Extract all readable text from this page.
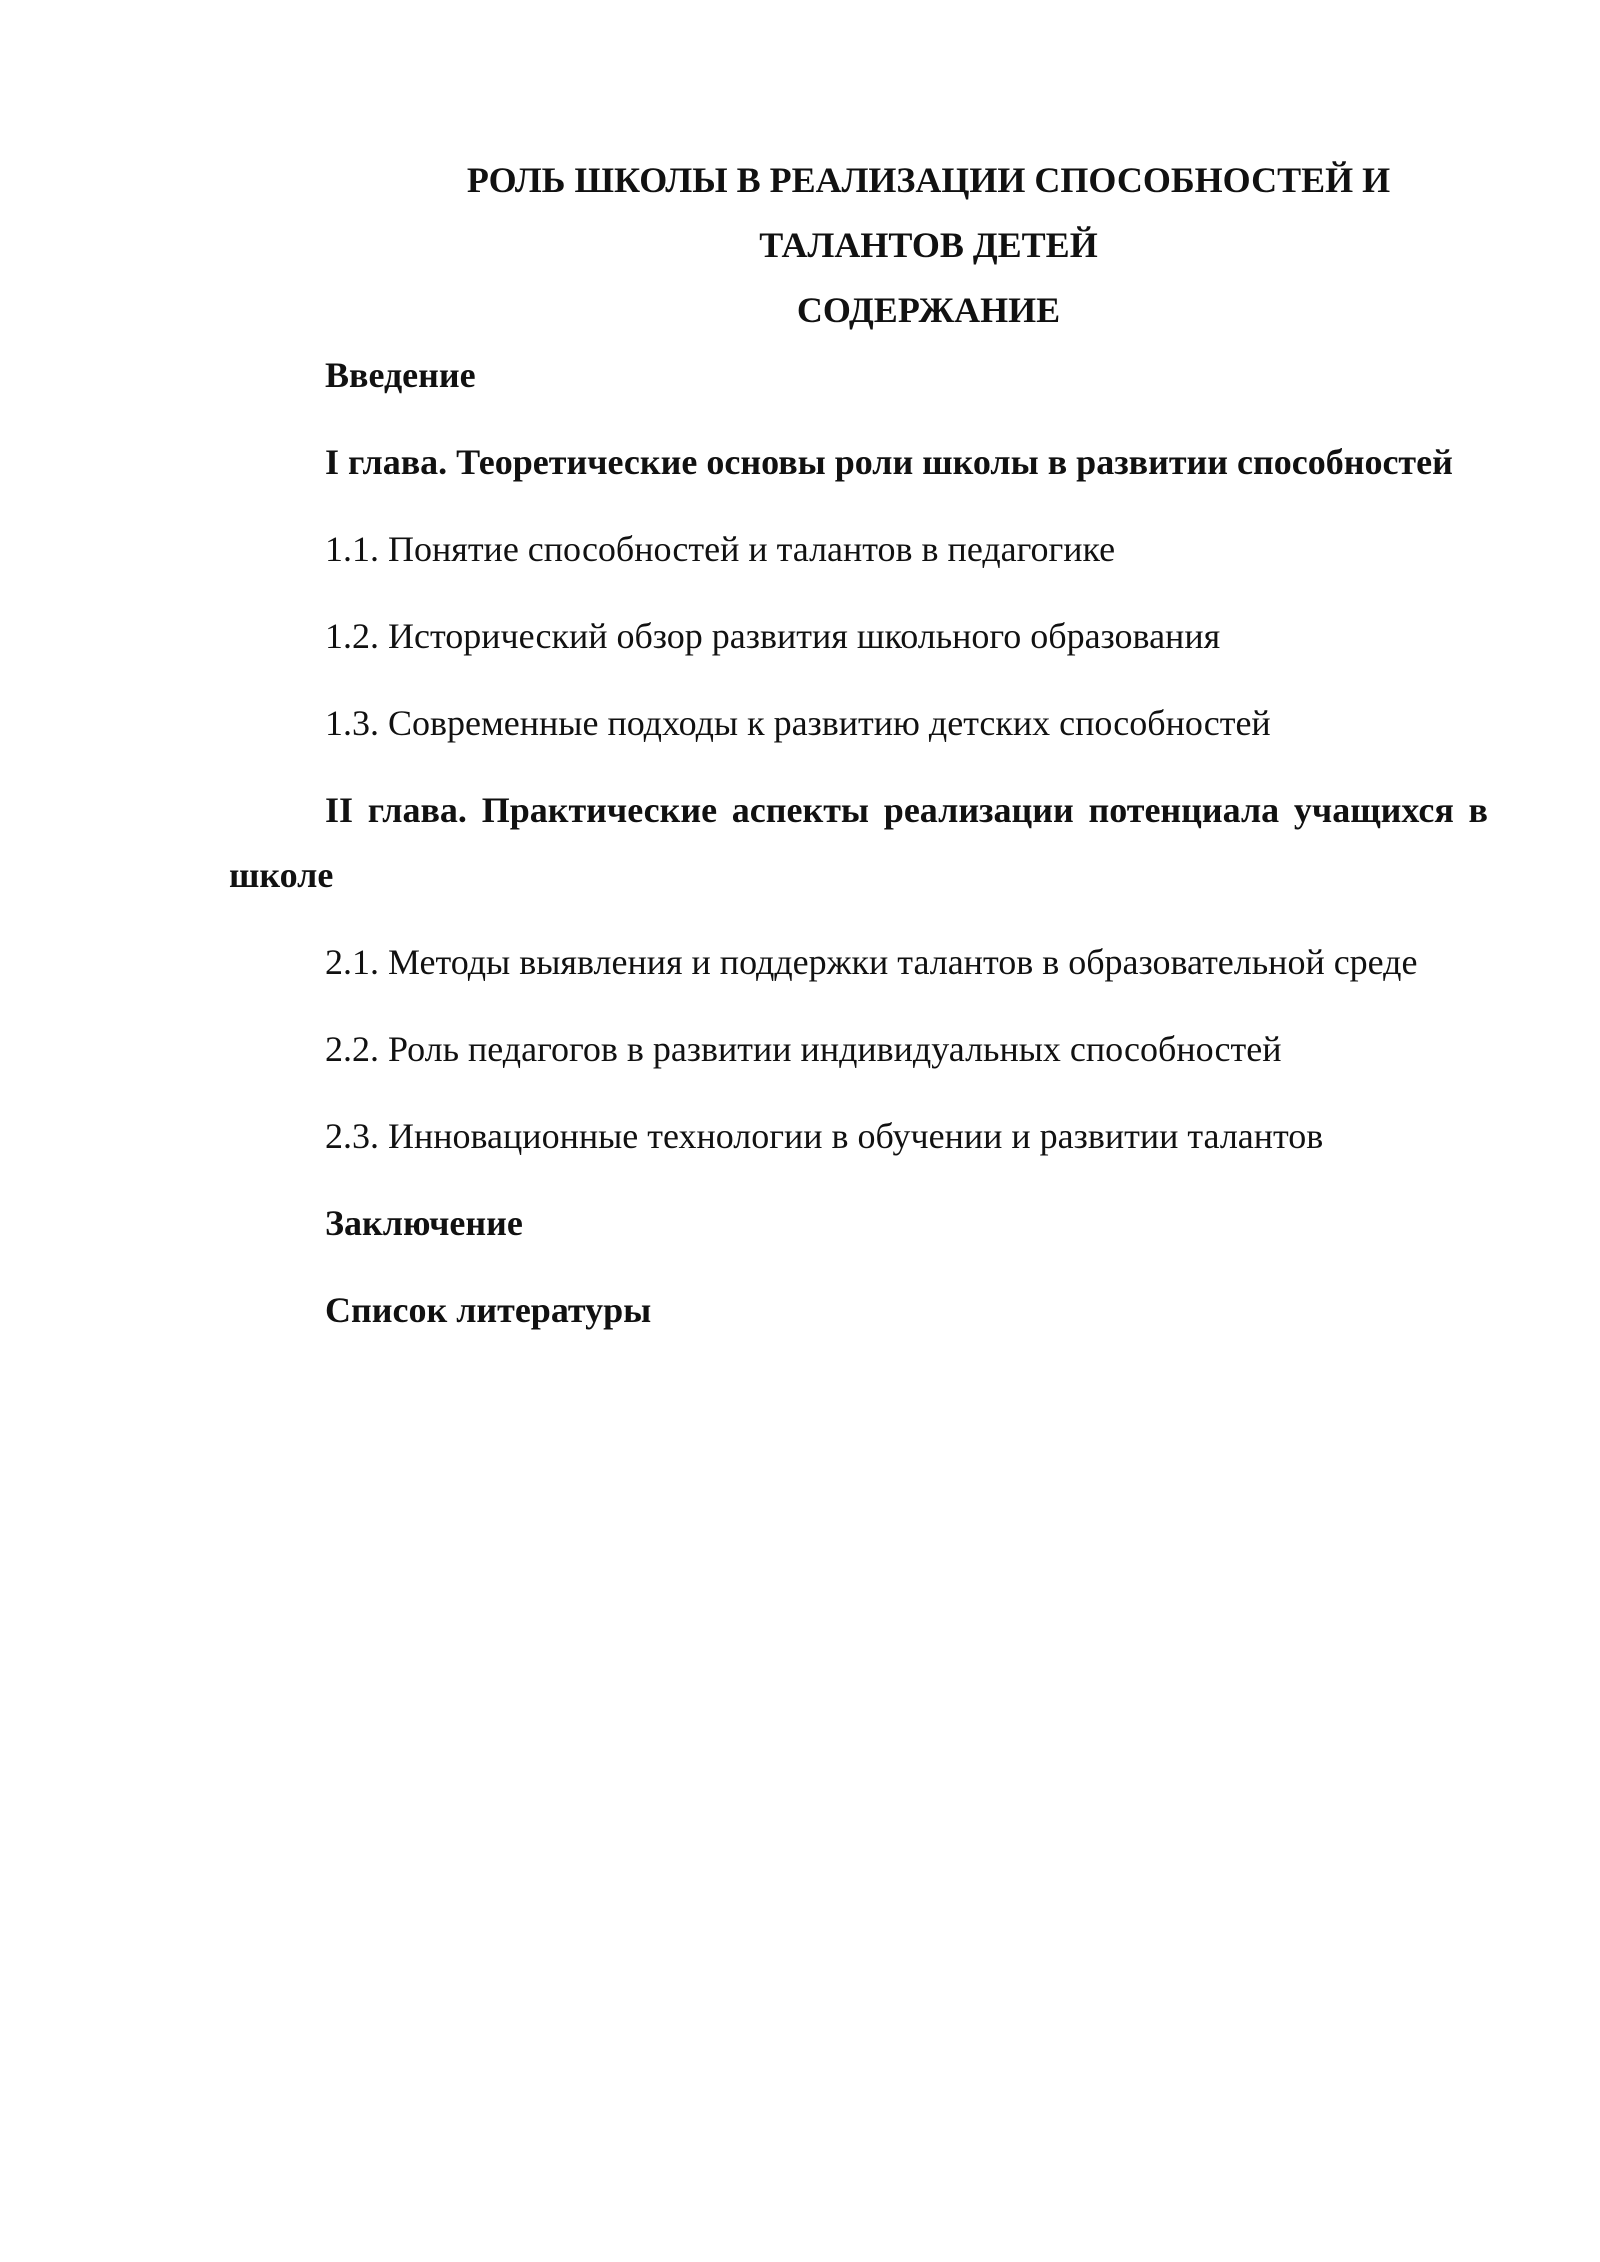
РОЛЬ ШКОЛЫ В РЕАЛИЗАЦИИ СПОСОБНОСТЕЙ И ТАЛАНТОВ ДЕТЕЙ
СОДЕРЖАНИЕ

Введение

I глава. Теоретические основы роли школы в развитии способностей

1.1. Понятие способностей и талантов в педагогике

1.2. Исторический обзор развития школьного образования

1.3. Современные подходы к развитию детских способностей

II глава. Практические аспекты реализации потенциала учащихся в школе

2.1. Методы выявления и поддержки талантов в образовательной среде

2.2. Роль педагогов в развитии индивидуальных способностей

2.3. Инновационные технологии в обучении и развитии талантов

Заключение

Список литературы
